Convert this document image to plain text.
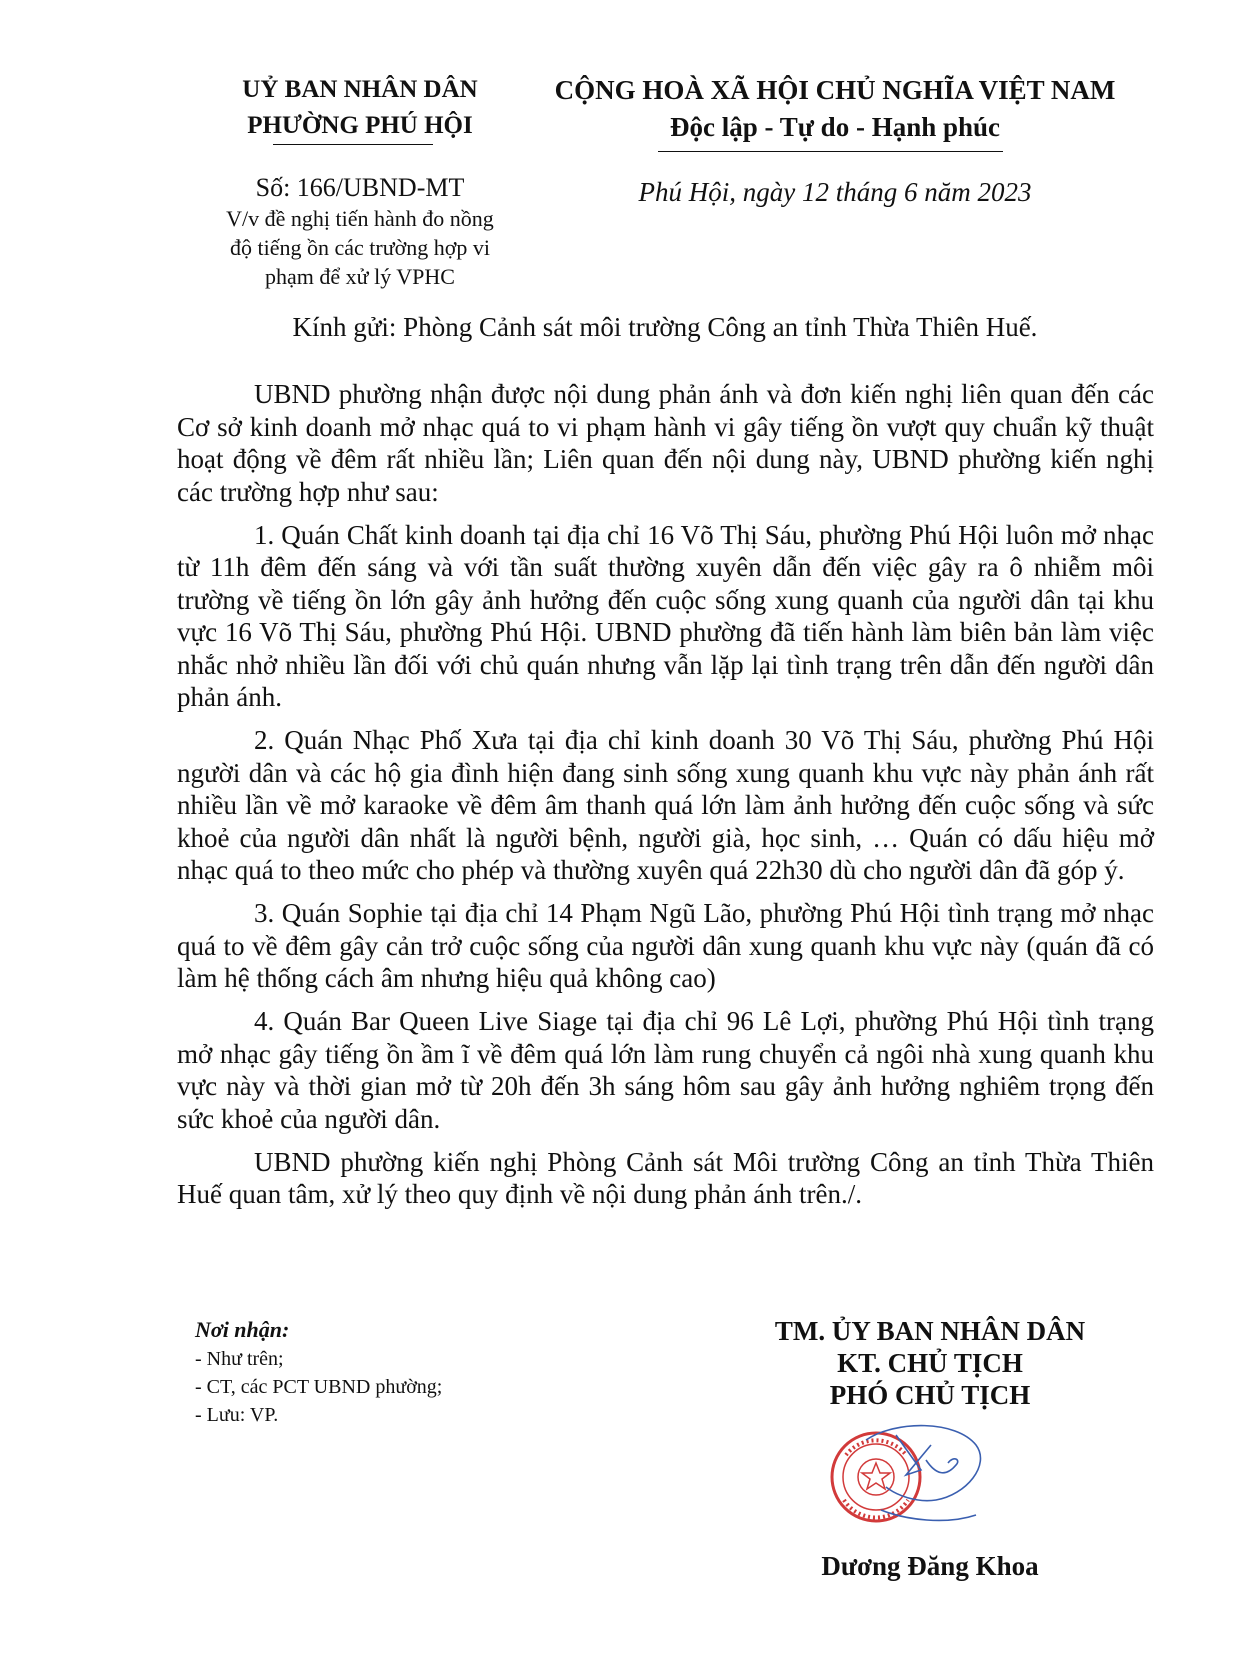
UỶ BAN NHÂN DÂN
PHƯỜNG PHÚ HỘI
CỘNG HOÀ XÃ HỘI CHỦ NGHĨA VIỆT NAM
Độc lập - Tự do - Hạnh phúc
Số: 166/UBND-MT
V/v đề nghị tiến hành đo nồng
độ tiếng ồn các trường hợp vi
phạm để xử lý VPHC
Phú Hội, ngày 12 tháng 6 năm 2023
Kính gửi: Phòng Cảnh sát môi trường Công an tỉnh Thừa Thiên Huế.

UBND phường nhận được nội dung phản ánh và đơn kiến nghị liên quan đến các Cơ sở kinh doanh mở nhạc quá to vi phạm hành vi gây tiếng ồn vượt quy chuẩn kỹ thuật hoạt động về đêm rất nhiều lần; Liên quan đến nội dung này, UBND phường kiến nghị các trường hợp như sau:

1. Quán Chất kinh doanh tại địa chỉ 16 Võ Thị Sáu, phường Phú Hội luôn mở nhạc từ 11h đêm đến sáng và với tần suất thường xuyên dẫn đến việc gây ra ô nhiễm môi trường về tiếng ồn lớn gây ảnh hưởng đến cuộc sống xung quanh của người dân tại khu vực 16 Võ Thị Sáu, phường Phú Hội. UBND phường đã tiến hành làm biên bản làm việc nhắc nhở nhiều lần đối với chủ quán nhưng vẫn lặp lại tình trạng trên dẫn đến người dân phản ánh.

2. Quán Nhạc Phố Xưa tại địa chỉ kinh doanh 30 Võ Thị Sáu, phường Phú Hội người dân và các hộ gia đình hiện đang sinh sống xung quanh khu vực này phản ánh rất nhiều lần về mở karaoke về đêm âm thanh quá lớn làm ảnh hưởng đến cuộc sống và sức khoẻ của người dân nhất là người bệnh, người già, học sinh, … Quán có dấu hiệu mở nhạc quá to theo mức cho phép và thường xuyên quá 22h30 dù cho người dân đã góp ý.

3. Quán Sophie tại địa chỉ 14 Phạm Ngũ Lão, phường Phú Hội tình trạng mở nhạc quá to về đêm gây cản trở cuộc sống của người dân xung quanh khu vực này (quán đã có làm hệ thống cách âm nhưng hiệu quả không cao)

4. Quán Bar Queen Live Siage tại địa chỉ 96 Lê Lợi, phường Phú Hội tình trạng mở nhạc gây tiếng ồn ầm ĩ về đêm quá lớn làm rung chuyển cả ngôi nhà xung quanh khu vực này và thời gian mở từ 20h đến 3h sáng hôm sau gây ảnh hưởng nghiêm trọng đến sức khoẻ của người dân.

UBND phường kiến nghị Phòng Cảnh sát Môi trường Công an tỉnh Thừa Thiên Huế quan tâm, xử lý theo quy định về nội dung phản ánh trên./.

Nơi nhận:
- Như trên;
- CT, các PCT UBND phường;
- Lưu: VP.
TM. ỦY BAN NHÂN DÂN
KT. CHỦ TỊCH
PHÓ CHỦ TỊCH
Dương Đăng Khoa
